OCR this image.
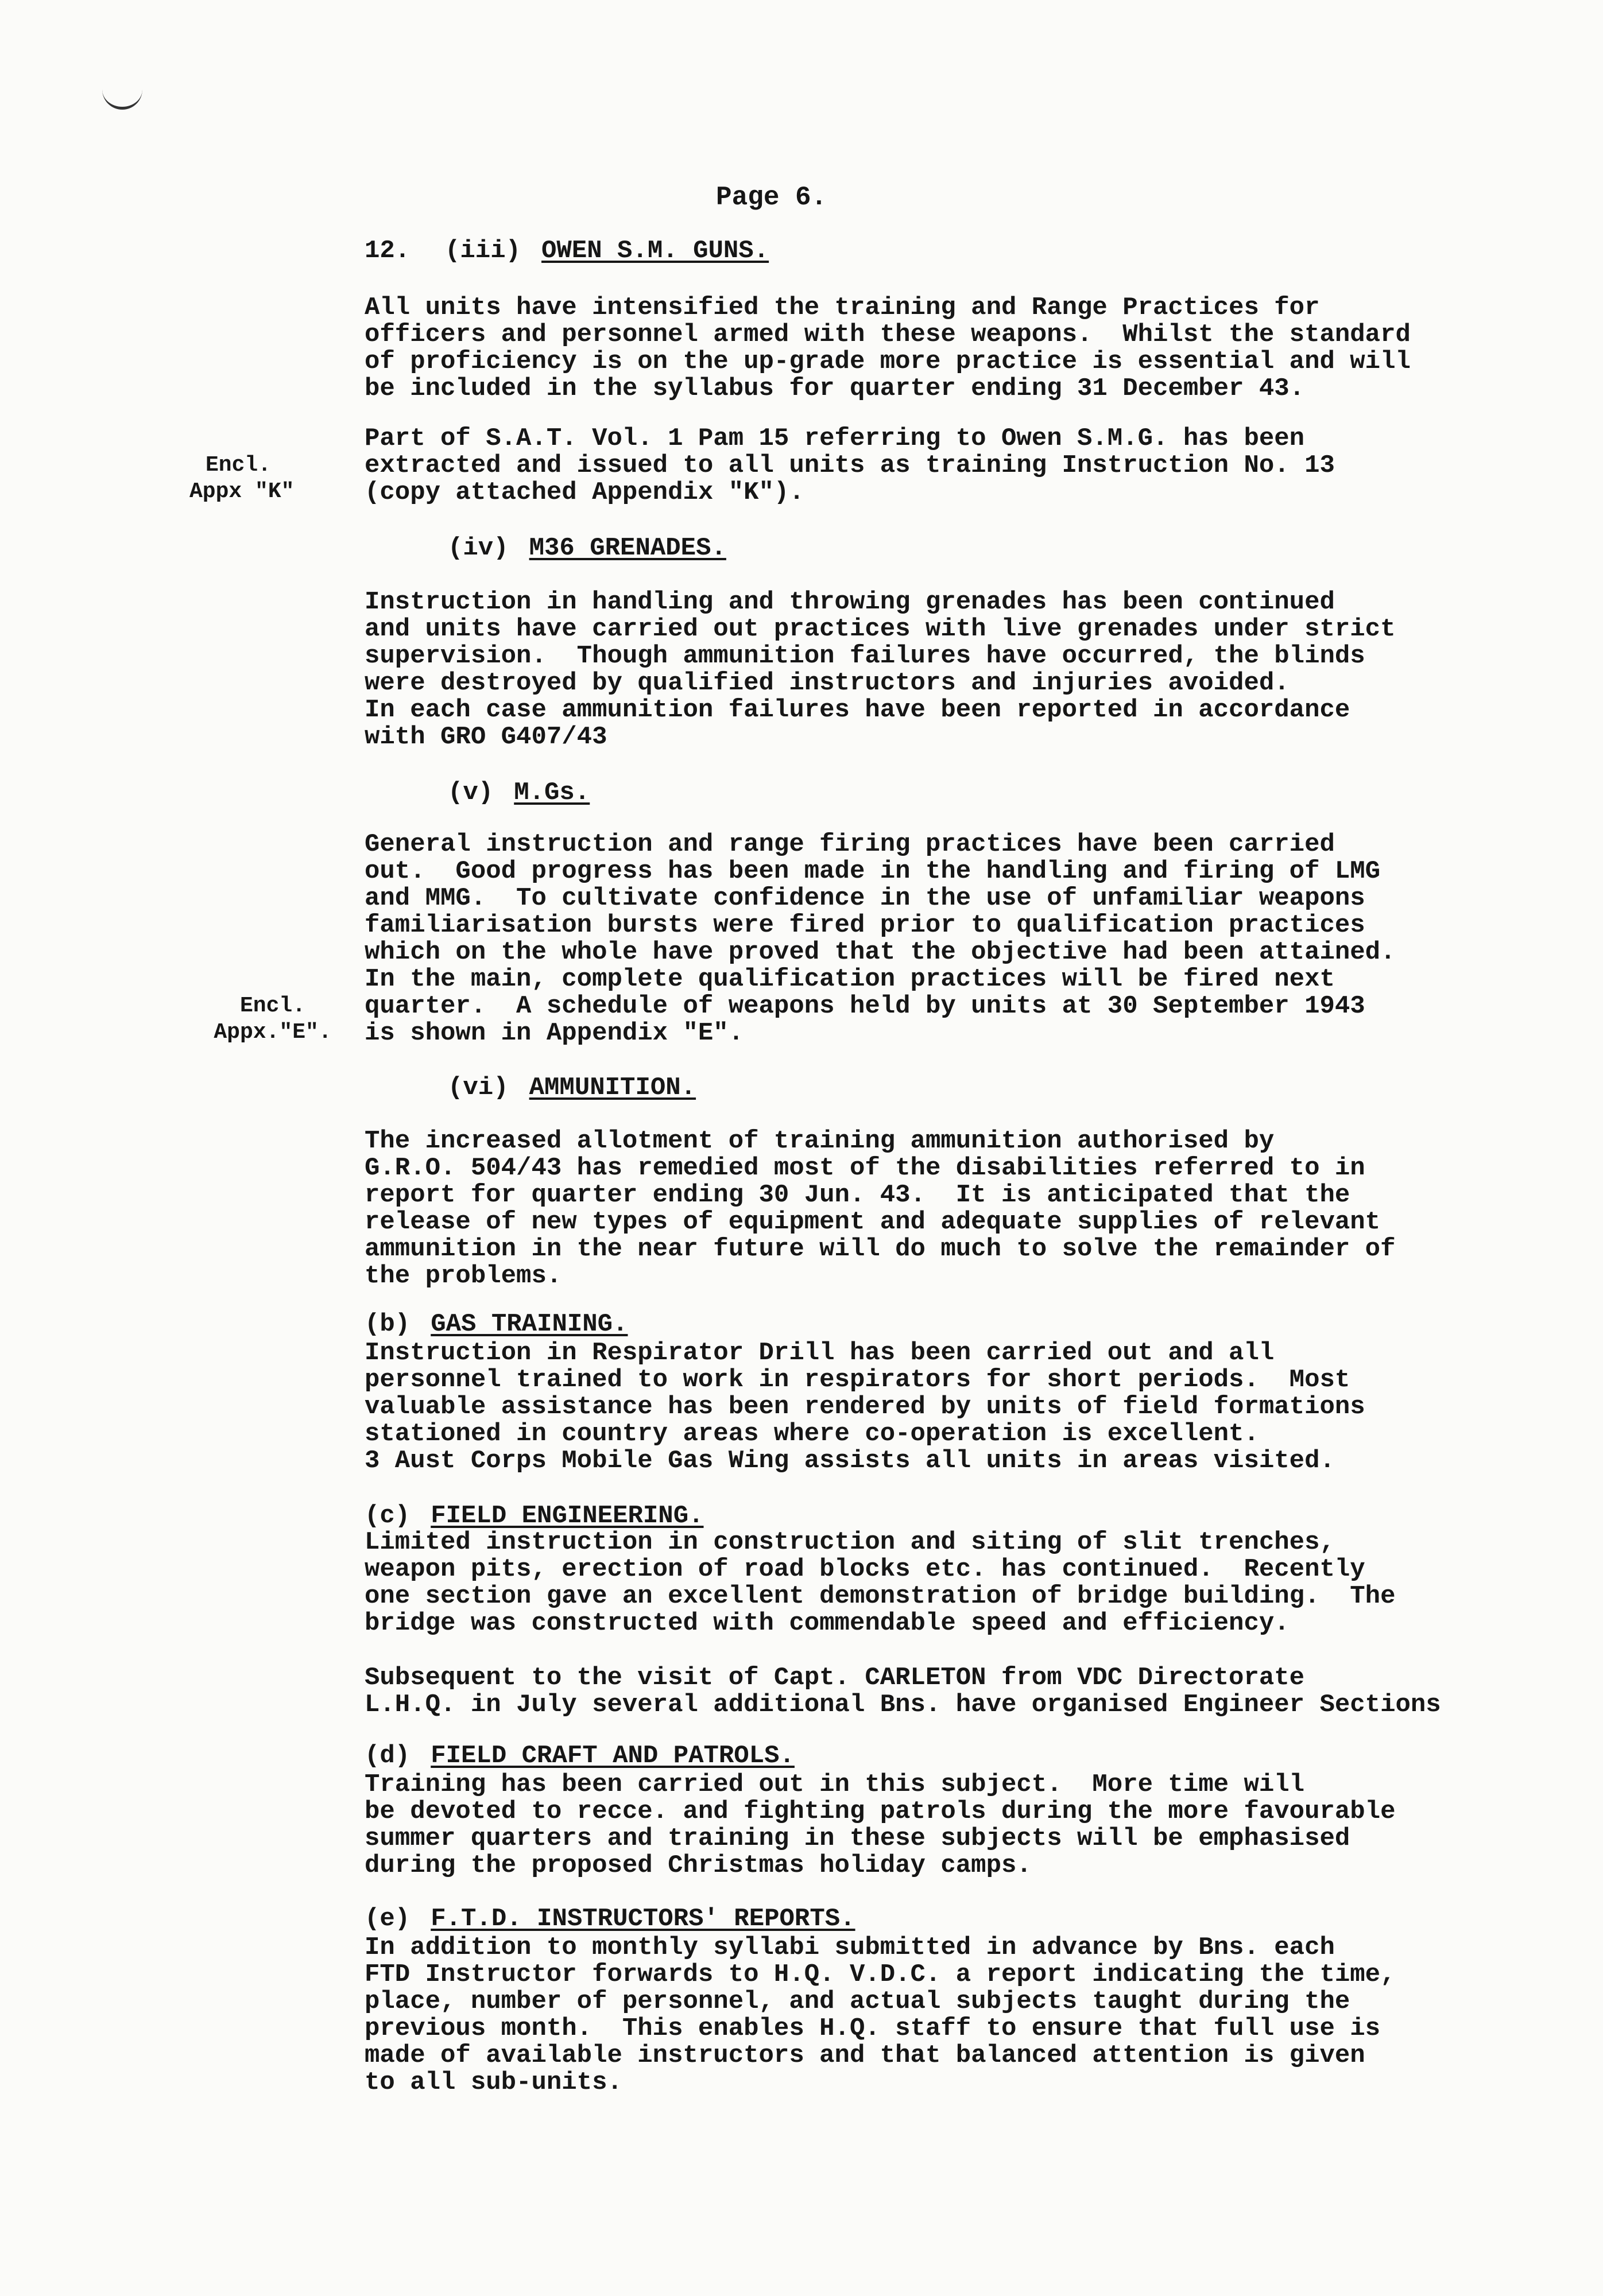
Page 6.
12. (iii) OWEN S.M. GUNS.

All units have intensified the training and Range Practices for
officers and personnel armed with these weapons.  Whilst the standard
of proficiency is on the up-grade more practice is essential and will
be included in the syllabus for quarter ending 31 December 43.

Part of S.A.T. Vol. 1 Pam 15 referring to Owen S.M.G. has been
extracted and issued to all units as training Instruction No. 13
(copy attached Appendix "K").

Encl.
Appx "K"
(iv) M36 GRENADES.

Instruction in handling and throwing grenades has been continued
and units have carried out practices with live grenades under strict
supervision.  Though ammunition failures have occurred, the blinds
were destroyed by qualified instructors and injuries avoided.
In each case ammunition failures have been reported in accordance
with GRO G407/43

(v) M.Gs.

General instruction and range firing practices have been carried
out.  Good progress has been made in the handling and firing of LMG
and MMG.  To cultivate confidence in the use of unfamiliar weapons
familiarisation bursts were fired prior to qualification practices
which on the whole have proved that the objective had been attained.
In the main, complete qualification practices will be fired next
quarter.  A schedule of weapons held by units at 30 September 1943
is shown in Appendix "E".

Encl.
Appx."E".
(vi) AMMUNITION.

The increased allotment of training ammunition authorised by
G.R.O. 504/43 has remedied most of the disabilities referred to in
report for quarter ending 30 Jun. 43.  It is anticipated that the
release of new types of equipment and adequate supplies of relevant
ammunition in the near future will do much to solve the remainder of
the problems.

(b) GAS TRAINING.

Instruction in Respirator Drill has been carried out and all
personnel trained to work in respirators for short periods.  Most
valuable assistance has been rendered by units of field formations
stationed in country areas where co-operation is excellent.
3 Aust Corps Mobile Gas Wing assists all units in areas visited.

(c) FIELD ENGINEERING.

Limited instruction in construction and siting of slit trenches,
weapon pits, erection of road blocks etc. has continued.  Recently
one section gave an excellent demonstration of bridge building.  The
bridge was constructed with commendable speed and efficiency.

Subsequent to the visit of Capt. CARLETON from VDC Directorate
L.H.Q. in July several additional Bns. have organised Engineer Sections

(d) FIELD CRAFT AND PATROLS.

Training has been carried out in this subject.  More time will
be devoted to recce. and fighting patrols during the more favourable
summer quarters and training in these subjects will be emphasised
during the proposed Christmas holiday camps.

(e) F.T.D. INSTRUCTORS' REPORTS.

In addition to monthly syllabi submitted in advance by Bns. each
FTD Instructor forwards to H.Q. V.D.C. a report indicating the time,
place, number of personnel, and actual subjects taught during the
previous month.  This enables H.Q. staff to ensure that full use is
made of available instructors and that balanced attention is given
to all sub-units.
